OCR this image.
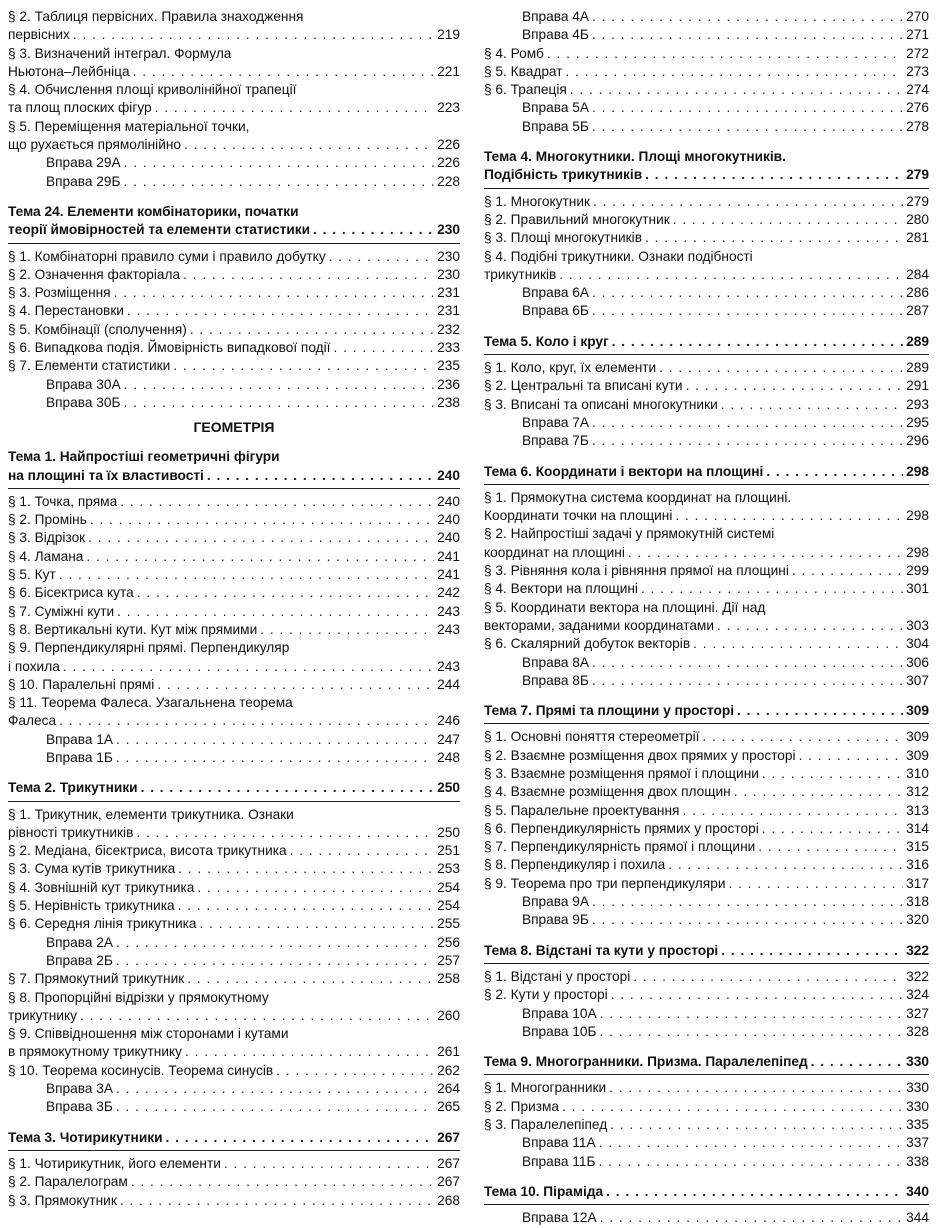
§ 2. Таблиця первісних. Правила знаходження
первісних . . .	219
§ 3. Визначений інтеграл. Формула
Ньютона–Лейбніца . . .	221
§ 4. Обчислення площі криволінійної трапеції
та площ плоских фігур . . .	223
§ 5. Переміщення матеріальної точки,
що рухається прямолінійно . . .	226
Вправа 29А . . .	226
Вправа 29Б . . .	228
Тема 24. Елементи комбінаторики, початки
теорії ймовірностей та елементи статистики . . .	230
§ 1. Комбінаторні правило суми і правило добутку . . .	230
§ 2. Означення факторіала . . .	230
§ 3. Розміщення . . .	231
§ 4. Перестановки . . .	231
§ 5. Комбінації (сполучення) . . .	232
§ 6. Випадкова подія. Ймовірність випадкової події . . .	233
§ 7. Елементи статистики . . .	235
Вправа 30А . . .	236
Вправа 30Б . . .	238
ГЕОМЕТРІЯ
Тема 1. Найпростіші геометричні фігури
на площині та їх властивості . . .	240
§ 1. Точка, пряма . . .	240
§ 2. Промінь . . .	240
§ 3. Відрізок . . .	240
§ 4. Ламана . . .	241
§ 5. Кут . . .	241
§ 6. Бісектриса кута . . .	242
§ 7. Суміжні кути . . .	243
§ 8. Вертикальні кути. Кут між прямими . . .	243
§ 9. Перпендикулярні прямі. Перпендикуляр
і похила . . .	243
§ 10. Паралельні прямі . . .	244
§ 11. Теорема Фалеса. Узагальнена теорема
Фалеса . . .	246
Вправа 1А . . .	247
Вправа 1Б . . .	248
Тема 2. Трикутники . . .	250
§ 1. Трикутник, елементи трикутника. Ознаки
рівності трикутників . . .	250
§ 2. Медіана, бісектриса, висота трикутника . . .	251
§ 3. Сума кутів трикутника . . .	253
§ 4. Зовнішній кут трикутника . . .	254
§ 5. Нерівність трикутника . . .	254
§ 6. Середня лінія трикутника . . .	255
Вправа 2А . . .	256
Вправа 2Б . . .	257
§ 7. Прямокутний трикутник . . .	258
§ 8. Пропорційні відрізки у прямокутному
трикутнику . . .	260
§ 9. Співвідношення між сторонами і кутами
в прямокутному трикутнику . . .	261
§ 10. Теорема косинусів. Теорема синусів . . .	262
Вправа 3А . . .	264
Вправа 3Б . . .	265
Тема 3. Чотирикутники . . .	267
§ 1. Чотирикутник, його елементи . . .	267
§ 2. Паралелограм . . .	267
§ 3. Прямокутник . . .	268
Вправа 4А . . .	270
Вправа 4Б . . .	271
§ 4. Ромб . . .	272
§ 5. Квадрат . . .	273
§ 6. Трапеція . . .	274
Вправа 5А . . .	276
Вправа 5Б . . .	278
Тема 4. Многокутники. Площі многокутників.
Подібність трикутників . . .	279
§ 1. Многокутник . . .	279
§ 2. Правильний многокутник . . .	280
§ 3. Площі многокутників . . .	281
§ 4. Подібні трикутники. Ознаки подібності
трикутників . . .	284
Вправа 6А . . .	286
Вправа 6Б . . .	287
Тема 5. Коло і круг . . .	289
§ 1. Коло, круг, їх елементи . . .	289
§ 2. Центральні та вписані кути . . .	291
§ 3. Вписані та описані многокутники . . .	293
Вправа 7А . . .	295
Вправа 7Б . . .	296
Тема 6. Координати і вектори на площині . . .	298
§ 1. Прямокутна система координат на площині.
Координати точки на площині . . .	298
§ 2. Найпростіші задачі у прямокутній системі
координат на площині . . .	298
§ 3. Рівняння кола і рівняння прямої на площині . . .	299
§ 4. Вектори на площині . . .	301
§ 5. Координати вектора на площині. Дії над
векторами, заданими координатами . . .	303
§ 6. Скалярний добуток векторів . . .	304
Вправа 8А . . .	306
Вправа 8Б . . .	307
Тема 7. Прямі та площини у просторі . . .	309
§ 1. Основні поняття стереометрії . . .	309
§ 2. Взаємне розміщення двох прямих у просторі . . .	309
§ 3. Взаємне розміщення прямої і площини . . .	310
§ 4. Взаємне розміщення двох площин . . .	312
§ 5. Паралельне проектування . . .	313
§ 6. Перпендикулярність прямих у просторі . . .	314
§ 7. Перпендикулярність прямої і площини . . .	315
§ 8. Перпендикуляр і похила . . .	316
§ 9. Теорема про три перпендикуляри . . .	317
Вправа 9А . . .	318
Вправа 9Б . . .	320
Тема 8. Відстані та кути у просторі . . .	322
§ 1. Відстані у просторі . . .	322
§ 2. Кути у просторі . . .	324
Вправа 10А . . .	327
Вправа 10Б . . .	328
Тема 9. Многогранники. Призма. Паралелепіпед . . .	330
§ 1. Многогранники . . .	330
§ 2. Призма . . .	330
§ 3. Паралелепіпед . . .	335
Вправа 11А . . .	337
Вправа 11Б . . .	338
Тема 10. Піраміда . . .	340
Вправа 12А . . .	344
